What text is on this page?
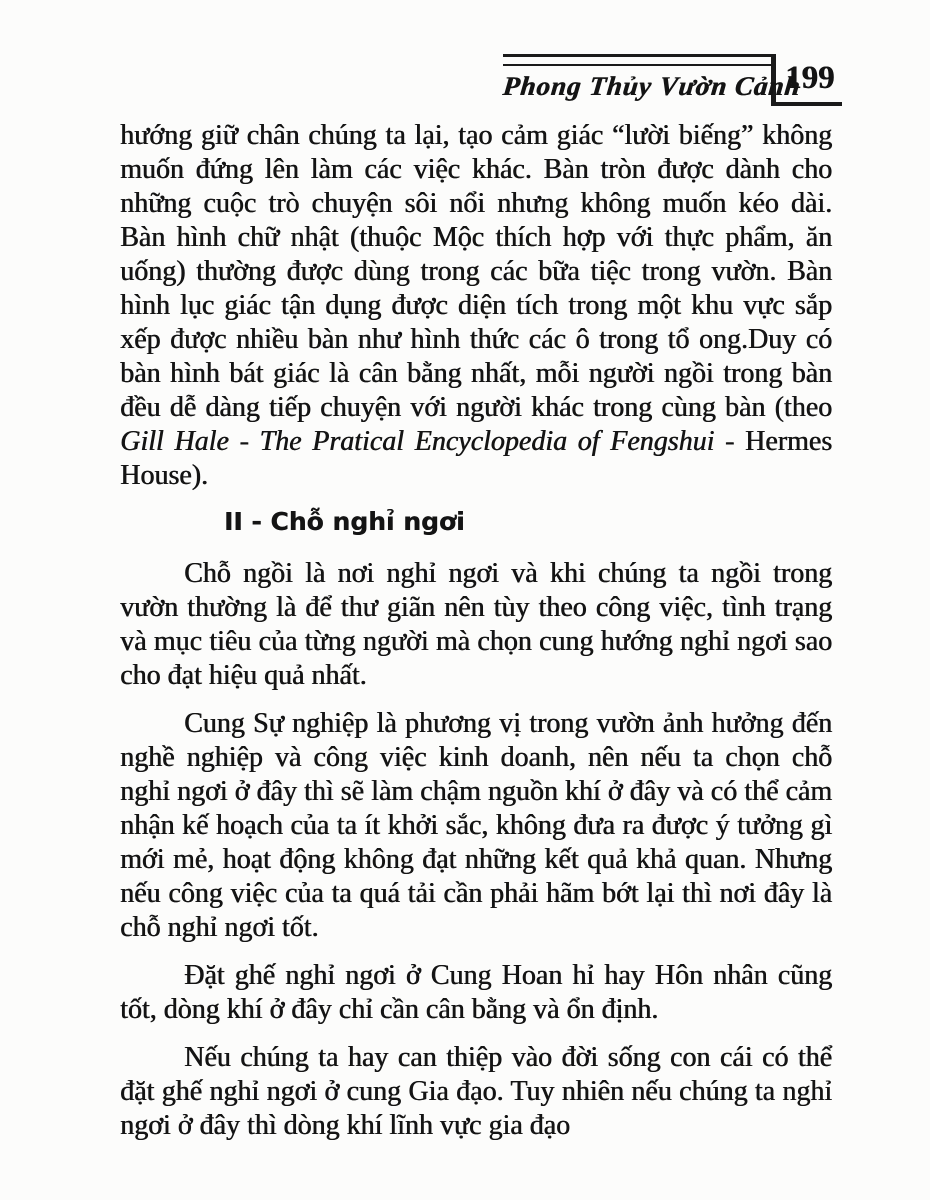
Phong Thủy Vườn Cảnh
199

hướng giữ chân chúng ta lại, tạo cảm giác “lười biếng” không muốn đứng lên làm các việc khác. Bàn tròn được dành cho những cuộc trò chuyện sôi nổi nhưng không muốn kéo dài. Bàn hình chữ nhật (thuộc Mộc thích hợp với thực phẩm, ăn uống) thường được dùng trong các bữa tiệc trong vườn. Bàn hình lục giác tận dụng được diện tích trong một khu vực sắp xếp được nhiều bàn như hình thức các ô trong tổ ong.Duy có bàn hình bát giác là cân bằng nhất, mỗi người ngồi trong bàn đều dễ dàng tiếp chuyện với người khác trong cùng bàn (theo Gill Hale - The Pratical Encyclopedia of Fengshui - Hermes House).

II - Chỗ nghỉ ngơi

Chỗ ngồi là nơi nghỉ ngơi và khi chúng ta ngồi trong vườn thường là để thư giãn nên tùy theo công việc, tình trạng và mục tiêu của từng người mà chọn cung hướng nghỉ ngơi sao cho đạt hiệu quả nhất.

Cung Sự nghiệp là phương vị trong vườn ảnh hưởng đến nghề nghiệp và công việc kinh doanh, nên nếu ta chọn chỗ nghỉ ngơi ở đây thì sẽ làm chậm nguồn khí ở đây và có thể cảm nhận kế hoạch của ta ít khởi sắc, không đưa ra được ý tưởng gì mới mẻ, hoạt động không đạt những kết quả khả quan. Nhưng nếu công việc của ta quá tải cần phải hãm bớt lại thì nơi đây là chỗ nghỉ ngơi tốt.

Đặt ghế nghỉ ngơi ở Cung Hoan hỉ hay Hôn nhân cũng tốt, dòng khí ở đây chỉ cần cân bằng và ổn định.

Nếu chúng ta hay can thiệp vào đời sống con cái có thể đặt ghế nghỉ ngơi ở cung Gia đạo. Tuy nhiên nếu chúng ta nghỉ ngơi ở đây thì dòng khí lĩnh vực gia đạo
